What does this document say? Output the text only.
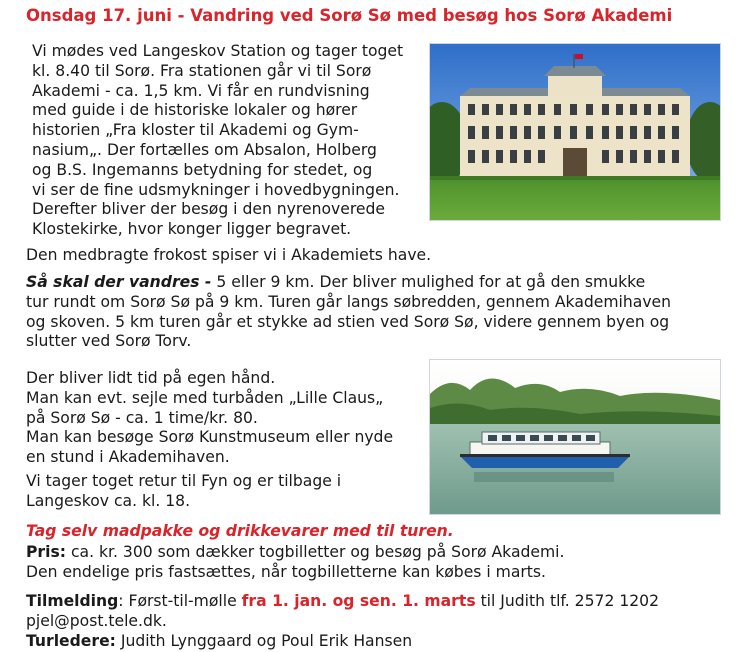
Onsdag 17. juni - Vandring ved Sorø Sø med besøg hos Sorø Akademi
Vi mødes ved Langeskov Station og tager toget
kl. 8.40 til Sorø. Fra stationen går vi til Sorø
Akademi - ca. 1,5 km. Vi får en rundvisning
med guide i de historiske lokaler og hører
historien „Fra kloster til Akademi og Gym-
nasium„. Der fortælles om Absalon, Holberg
og B.S. Ingemanns betydning for stedet, og
vi ser de fine udsmykninger i hovedbygningen.
Derefter bliver der besøg i den nyrenoverede
Klostekirke, hvor konger ligger begravet.
Den medbragte frokost spiser vi i Akademiets have.
Så skal der vandres - 5 eller 9 km. Der bliver mulighed for at gå den smukke
tur rundt om Sorø Sø på 9 km. Turen går langs søbredden, gennem Akademihaven
og skoven. 5 km turen går et stykke ad stien ved Sorø Sø, videre gennem byen og
slutter ved Sorø Torv.
Der bliver lidt tid på egen hånd.
Man kan evt. sejle med turbåden „Lille Claus„
på Sorø Sø - ca. 1 time/kr. 80.
Man kan besøge Sorø Kunstmuseum eller nyde
en stund i Akademihaven.
Vi tager toget retur til Fyn og er tilbage i
Langeskov ca. kl. 18.
Tag selv madpakke og drikkevarer med til turen.
Pris: ca. kr. 300 som dækker togbilletter og besøg på Sorø Akademi.
Den endelige pris fastsættes, når togbilletterne kan købes i marts.
Tilmelding: Først-til-mølle fra 1. jan. og sen. 1. marts til Judith tlf. 2572 1202
pjel@post.tele.dk.
Turledere: Judith Lynggaard og Poul Erik Hansen
